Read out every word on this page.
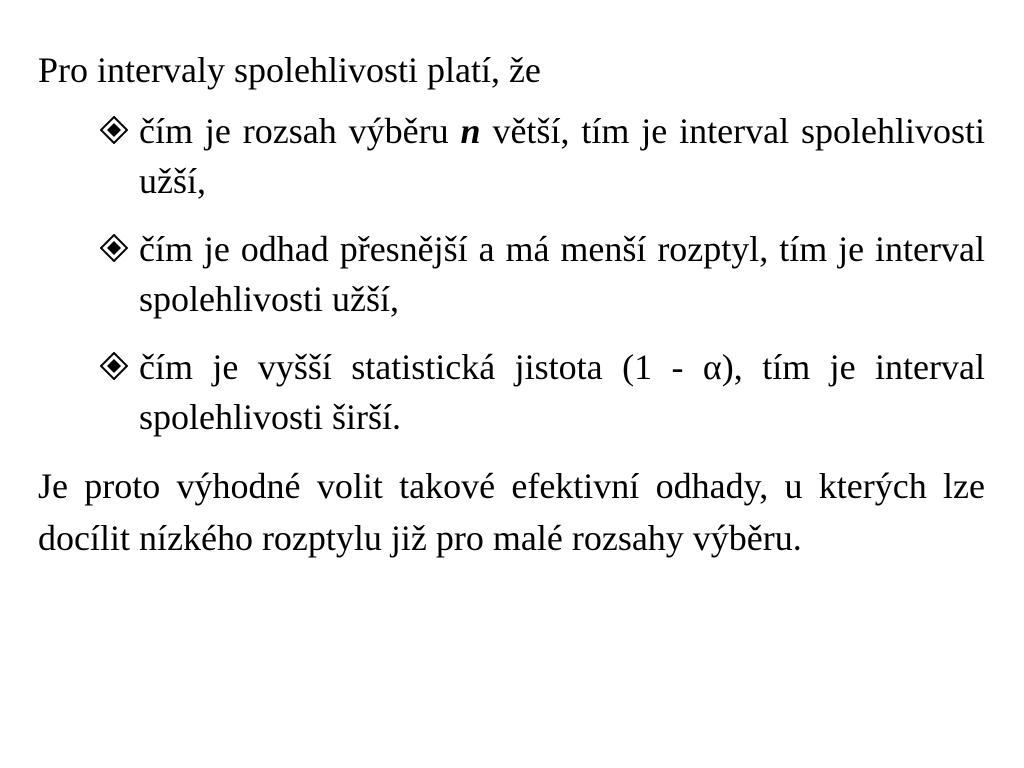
Pro intervaly spolehlivosti platí, že

čím je rozsah výběru n větší, tím je interval spolehlivosti užší,
čím je odhad přesnější a má menší rozptyl, tím je interval spolehlivosti užší,
čím je vyšší statistická jistota (1 - α), tím je interval spolehlivosti širší.

Je proto výhodné volit takové efektivní odhady, u kterých lze docílit nízkého rozptylu již pro malé rozsahy výběru.
